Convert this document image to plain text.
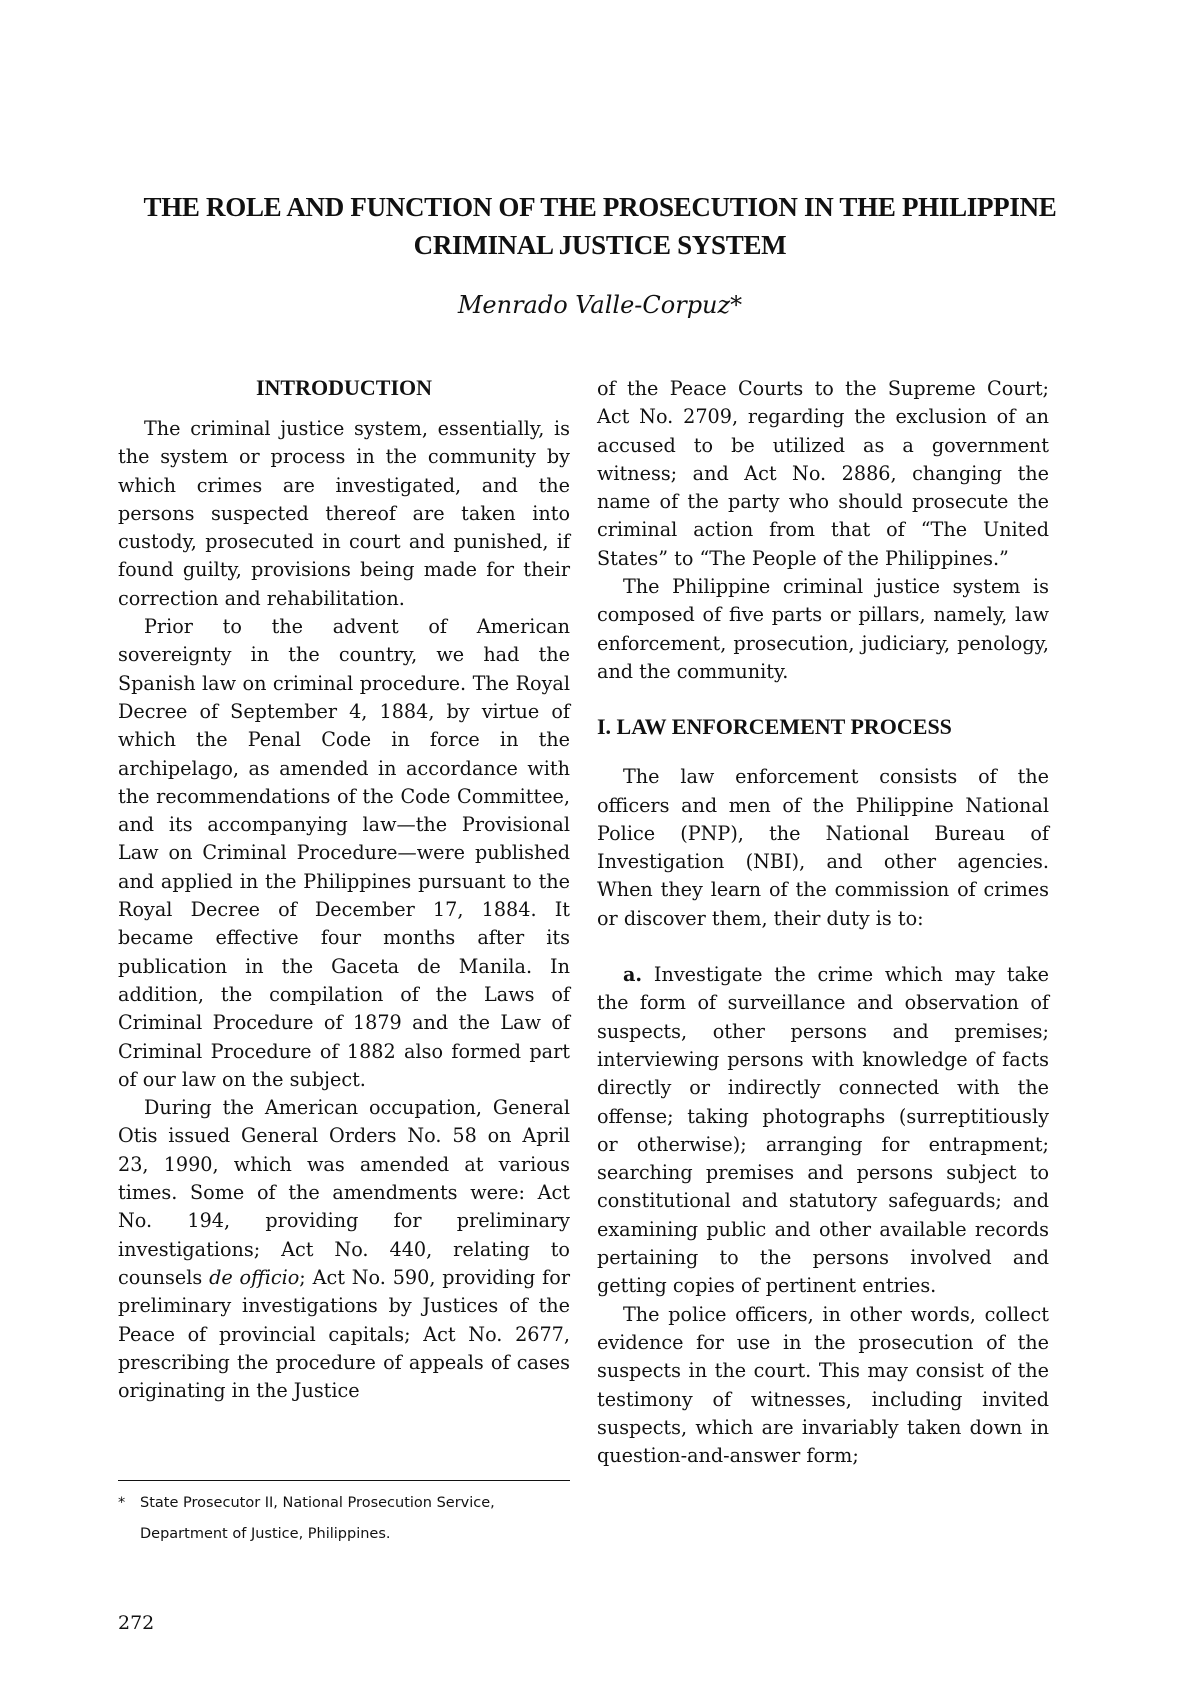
THE ROLE AND FUNCTION OF THE PROSECUTION IN THE PHILIPPINE CRIMINAL JUSTICE SYSTEM

Menrado Valle-Corpuz*

INTRODUCTION

The criminal justice system, essentially, is the system or process in the community by which crimes are investigated, and the persons suspected thereof are taken into custody, prosecuted in court and punished, if found guilty, provisions being made for their correction and rehabilitation.

Prior to the advent of American sovereignty in the country, we had the Spanish law on criminal procedure. The Royal Decree of September 4, 1884, by virtue of which the Penal Code in force in the archipelago, as amended in accordance with the recommendations of the Code Committee, and its accompanying law—the Provisional Law on Criminal Procedure—were published and applied in the Philippines pursuant to the Royal Decree of December 17, 1884. It became effective four months after its publication in the Gaceta de Manila. In addition, the compilation of the Laws of Criminal Procedure of 1879 and the Law of Criminal Procedure of 1882 also formed part of our law on the subject.

During the American occupation, General Otis issued General Orders No. 58 on April 23, 1990, which was amended at various times. Some of the amendments were: Act No. 194, providing for preliminary investigations; Act No. 440, relating to counsels de officio; Act No. 590, providing for preliminary investigations by Justices of the Peace of provincial capitals; Act No. 2677, prescribing the procedure of appeals of cases originating in the Justice

of the Peace Courts to the Supreme Court; Act No. 2709, regarding the exclusion of an accused to be utilized as a government witness; and Act No. 2886, changing the name of the party who should prosecute the criminal action from that of “The United States” to “The People of the Philippines.”

The Philippine criminal justice system is composed of five parts or pillars, namely, law enforcement, prosecution, judiciary, penology, and the community.

I. LAW ENFORCEMENT PROCESS

The law enforcement consists of the officers and men of the Philippine National Police (PNP), the National Bureau of Investigation (NBI), and other agencies. When they learn of the commission of crimes or discover them, their duty is to:

a. Investigate the crime which may take the form of surveillance and observation of suspects, other persons and premises; interviewing persons with knowledge of facts directly or indirectly connected with the offense; taking photographs (surreptitiously or otherwise); arranging for entrapment; searching premises and persons subject to constitutional and statutory safeguards; and examining public and other available records pertaining to the persons involved and getting copies of pertinent entries.

The police officers, in other words, collect evidence for use in the prosecution of the suspects in the court. This may consist of the testimony of witnesses, including invited suspects, which are invariably taken down in question-and-answer form;

* State Prosecutor II, National Prosecution Service,
Department of Justice, Philippines.
272
